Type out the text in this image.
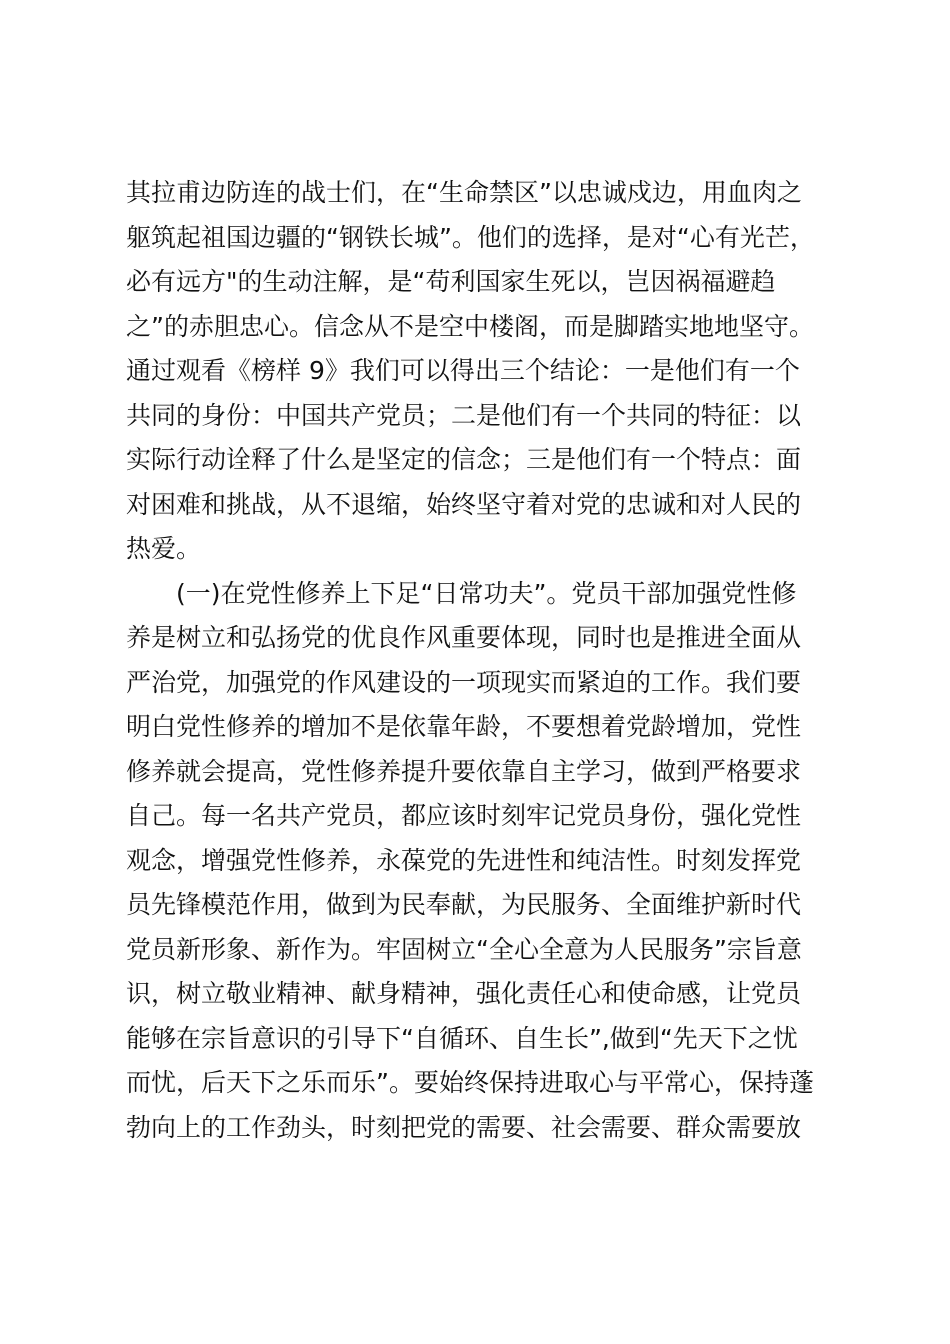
其拉甫边防连的战士们，在“生命禁区”以忠诚戍边，用血肉之
躯筑起祖国边疆的“钢铁长城”。他们的选择，是对“心有光芒，
必有远方"的生动注解，是“苟利国家生死以，岂因祸福避趋
之”的赤胆忠心。信念从不是空中楼阁，而是脚踏实地地坚守。
通过观看《榜样 9》我们可以得出三个结论：一是他们有一个
共同的身份：中国共产党员；二是他们有一个共同的特征：以
实际行动诠释了什么是坚定的信念；三是他们有一个特点：面
对困难和挑战，从不退缩，始终坚守着对党的忠诚和对人民的
热爱。
(一)在党性修养上下足“日常功夫”。党员干部加强党性修
养是树立和弘扬党的优良作风重要体现，同时也是推进全面从
严治党，加强党的作风建设的一项现实而紧迫的工作。我们要
明白党性修养的增加不是依靠年龄，不要想着党龄增加，党性
修养就会提高，党性修养提升要依靠自主学习，做到严格要求
自己。每一名共产党员，都应该时刻牢记党员身份，强化党性
观念，增强党性修养，永葆党的先进性和纯洁性。时刻发挥党
员先锋模范作用，做到为民奉献，为民服务、全面维护新时代
党员新形象、新作为。牢固树立“全心全意为人民服务”宗旨意
识，树立敬业精神、献身精神，强化责任心和使命感，让党员
能够在宗旨意识的引导下“自循环、自生长”,做到“先天下之忧
而忧，后天下之乐而乐”。要始终保持进取心与平常心，保持蓬
勃向上的工作劲头，时刻把党的需要、社会需要、群众需要放
